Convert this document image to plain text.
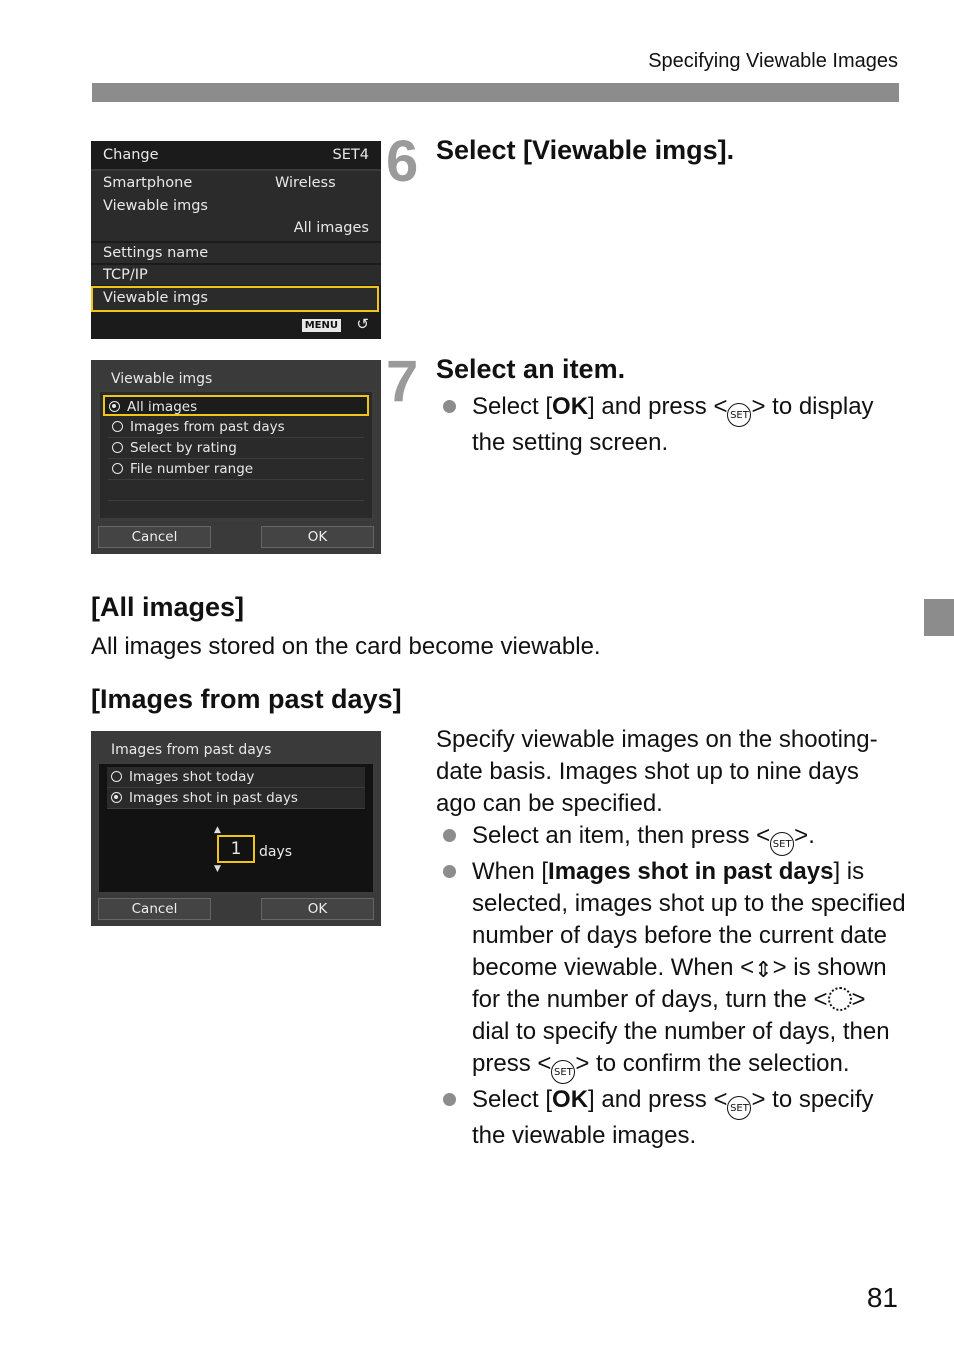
Specifying Viewable Images
Change	SET4
Smartphone	Wireless
Viewable imgs
All images
Settings name
TCP/IP
Viewable imgs
MENU ↺
6 Select [Viewable imgs].
Viewable imgs
All images
Images from past days
Select by rating
File number range
Cancel	OK
7 Select an item.
Select [OK] and press < SET > to display the setting screen.
[All images]
All images stored on the card become viewable.
[Images from past days]
Images from past days
Images shot today
Images shot in past days
▲
1	days
▼
Cancel	OK
Specify viewable images on the shooting-date basis. Images shot up to nine days ago can be specified.
Select an item, then press < SET >.
When [Images shot in past days] is selected, images shot up to the specified number of days before the current date become viewable. When <⇕> is shown for the number of days, turn the < > dial to specify the number of days, then press < SET > to confirm the selection.
Select [OK] and press < SET > to specify the viewable images.
81
